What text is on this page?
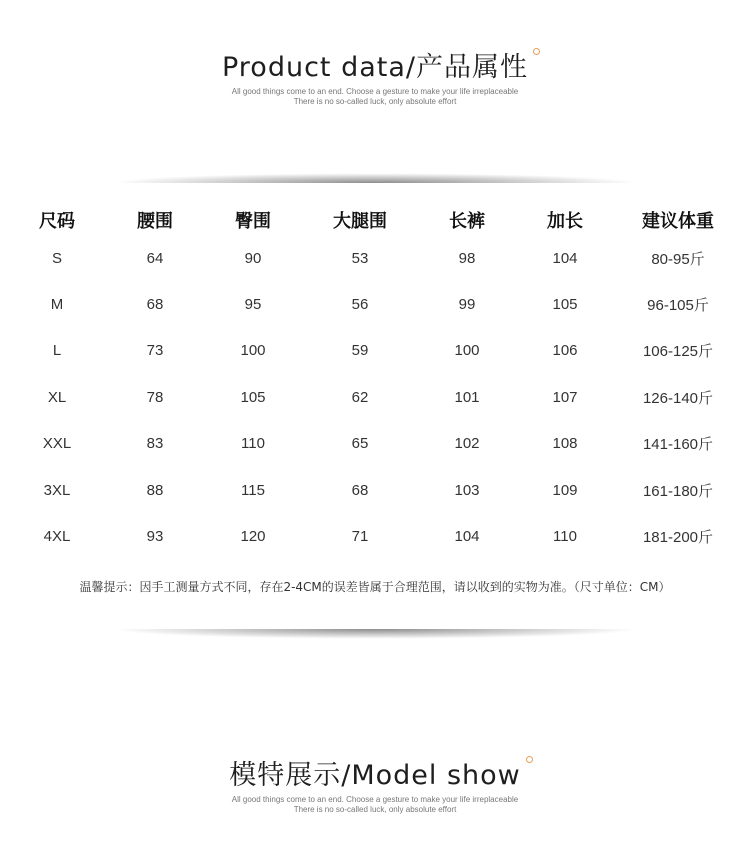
Product data/产品属性
All good things come to an end. Choose a gesture to make your life irreplaceable
There is no so-called luck, only absolute effort
尺码	腰围	臀围	大腿围	长裤	加长	建议体重
S	64	90	53	98	104	80-95斤
M	68	95	56	99	105	96-105斤
L	73	100	59	100	106	106-125斤
XL	78	105	62	101	107	126-140斤
XXL	83	110	65	102	108	141-160斤
3XL	88	115	68	103	109	161-180斤
4XL	93	120	71	104	110	181-200斤
温馨提示：因手工测量方式不同，存在2-4CM的误差皆属于合理范围，请以收到的实物为准。（尺寸单位：CM）
模特展示/Model show
All good things come to an end. Choose a gesture to make your life irreplaceable
There is no so-called luck, only absolute effort
